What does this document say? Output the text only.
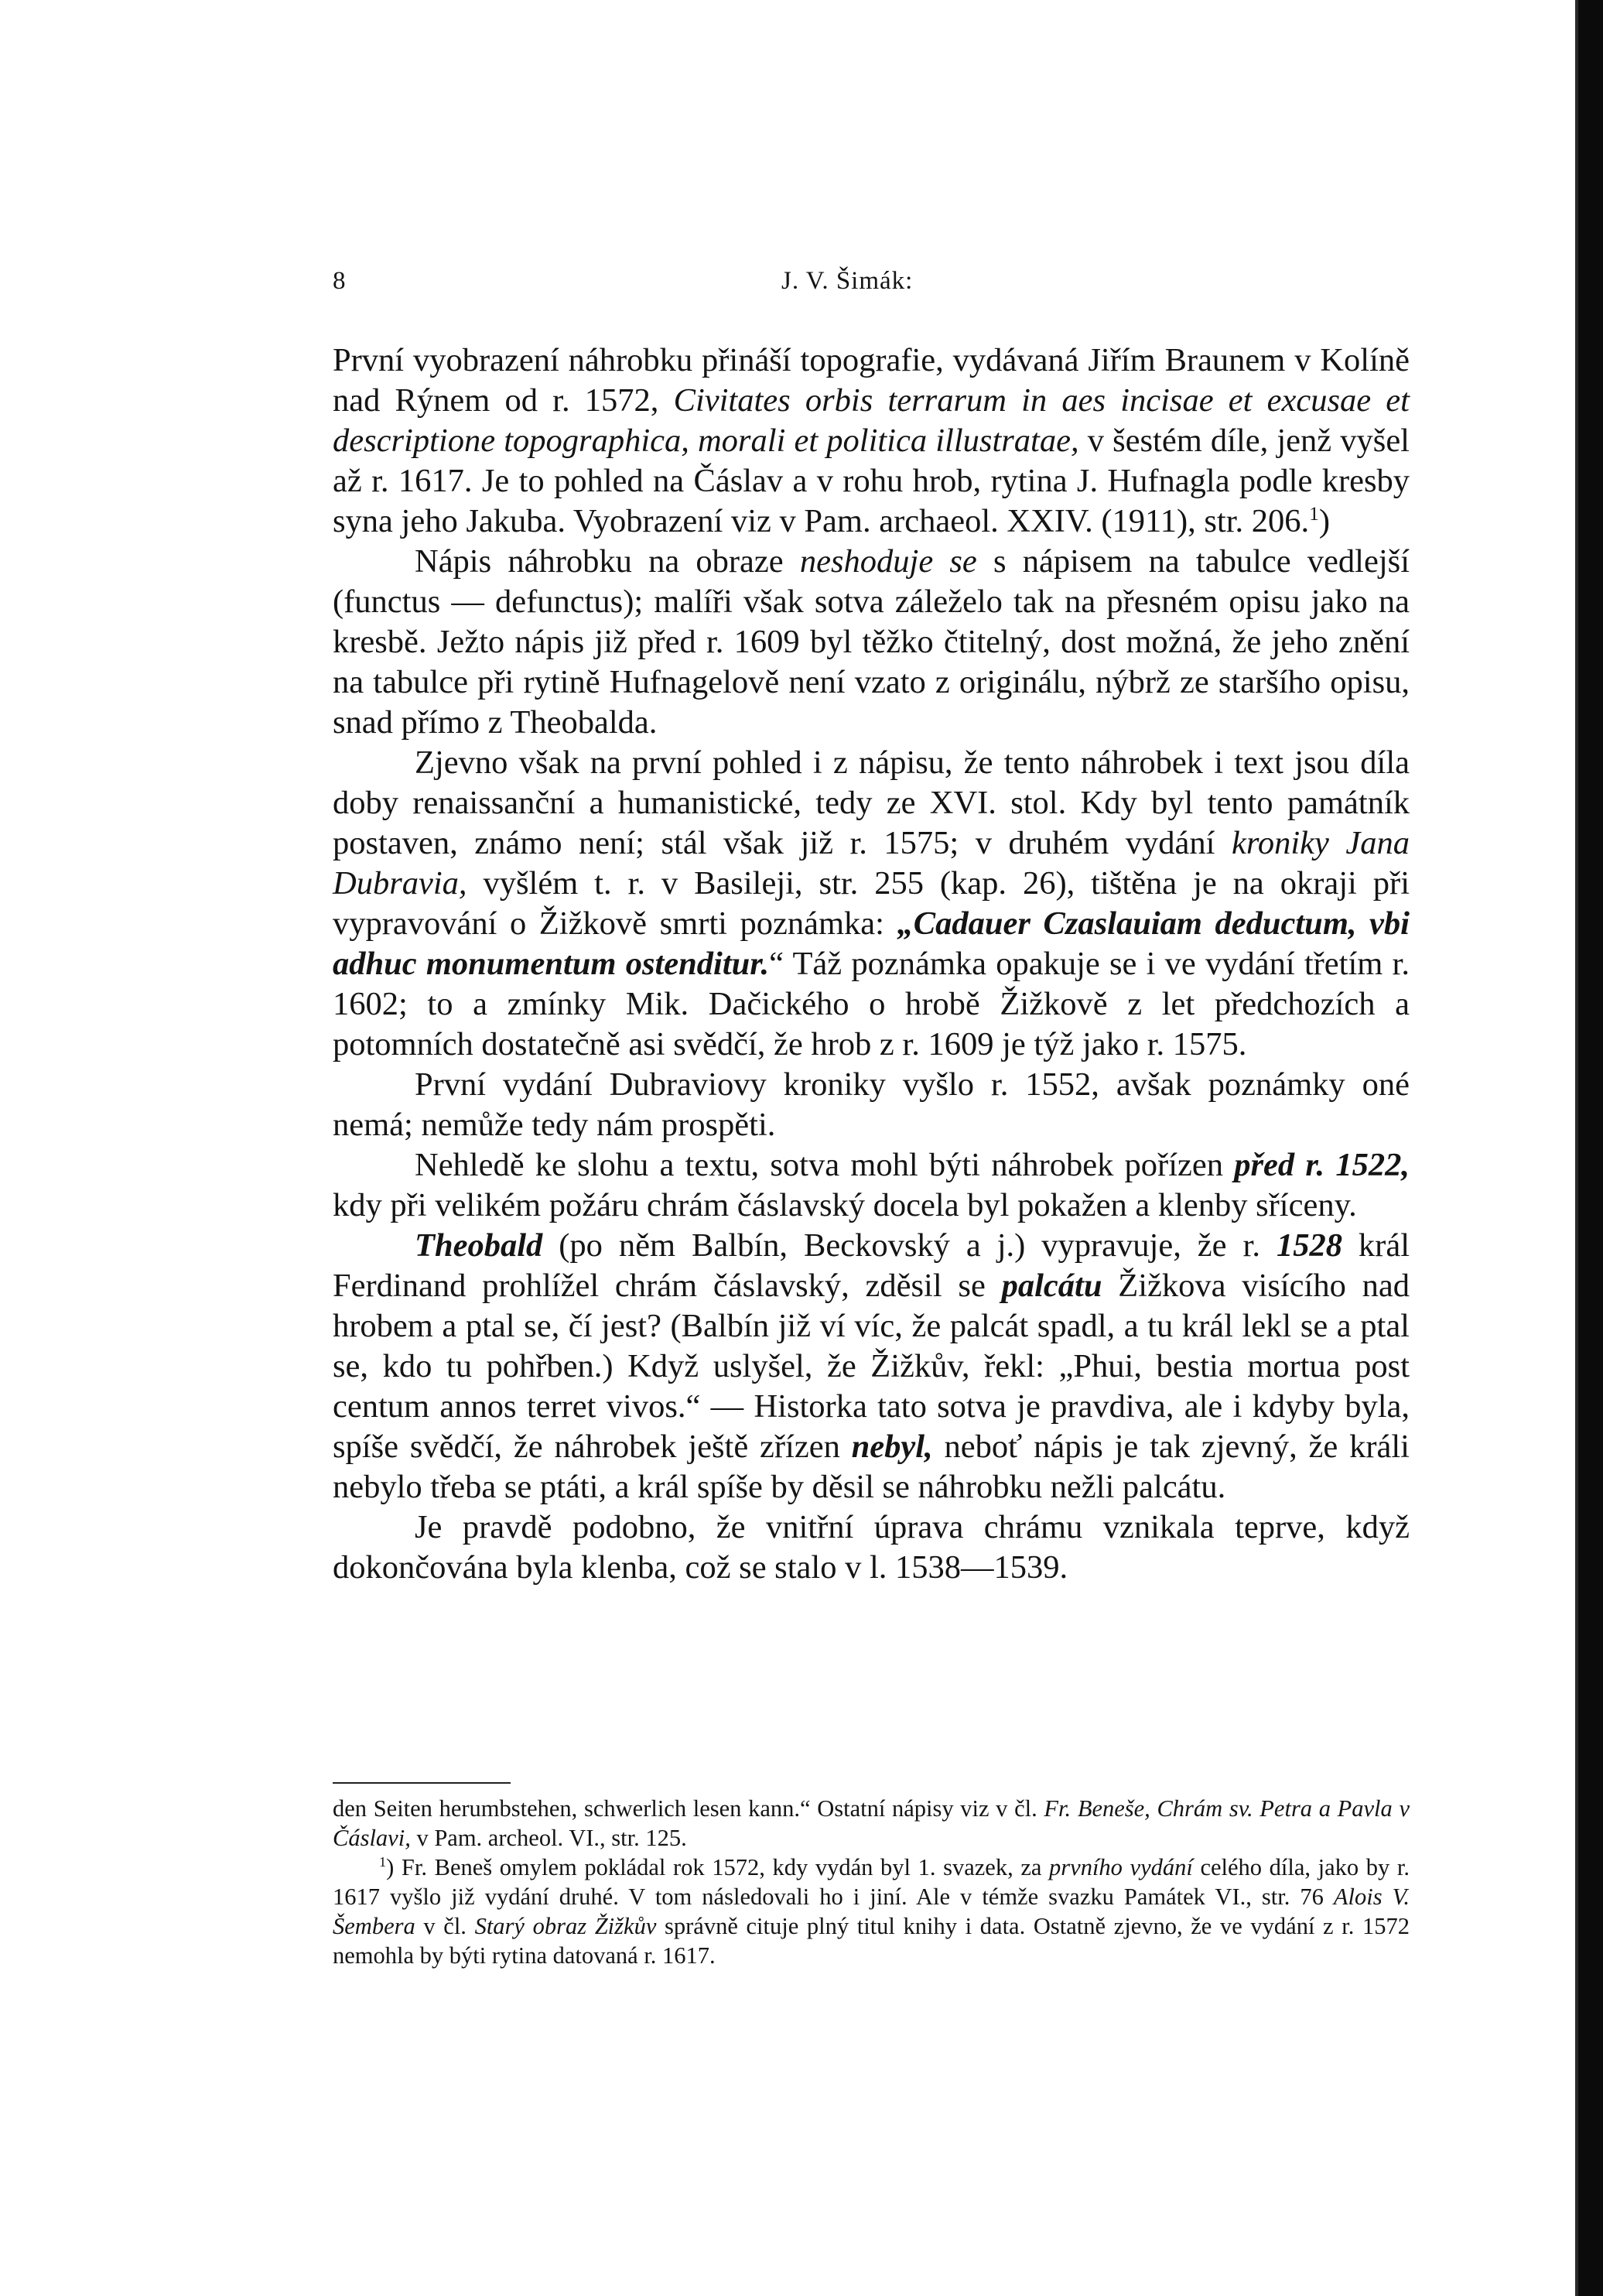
8	J. V. Šimák:

První vyobrazení náhrobku přináší topografie, vydávaná Jiřím Braunem v Kolíně nad Rýnem od r. 1572, Civitates orbis terrarum in aes incisae et excusae et descriptione topographica, morali et politica illustratae, v šestém díle, jenž vyšel až r. 1617. Je to pohled na Čáslav a v rohu hrob, rytina J. Hufnagla podle kresby syna jeho Jakuba. Vyobrazení viz v Pam. archaeol. XXIV. (1911), str. 206.$^1$)

Nápis náhrobku na obraze neshoduje se s nápisem na tabulce vedlejší (functus — defunctus); malíři však sotva záleželo tak na přesném opisu jako na kresbě. Ježto nápis již před r. 1609 byl těžko čtitelný, dost možná, že jeho znění na tabulce při rytině Hufnagelově není vzato z originálu, nýbrž ze staršího opisu, snad přímo z Theobalda.

Zjevno však na první pohled i z nápisu, že tento náhrobek i text jsou díla doby renaissanční a humanistické, tedy ze XVI. stol. Kdy byl tento památník postaven, známo není; stál však již r. 1575; v druhém vydání kroniky Jana Dubravia, vyšlém t. r. v Basileji, str. 255 (kap. 26), tištěna je na okraji při vypravování o Žižkově smrti poznámka: „Cadauer Czaslauiam deductum, vbi adhuc monumentum ostenditur.“ Táž poznámka opakuje se i ve vydání třetím r. 1602; to a zmínky Mik. Dačického o hrobě Žižkově z let předchozích a potomních dostatečně asi svědčí, že hrob z r. 1609 je týž jako r. 1575.

První vydání Dubraviovy kroniky vyšlo r. 1552, avšak poznámky oné nemá; nemůže tedy nám prospěti.

Nehledě ke slohu a textu, sotva mohl býti náhrobek pořízen před r. 1522, kdy při velikém požáru chrám čáslavský docela byl pokažen a klenby sříceny.

Theobald (po něm Balbín, Beckovský a j.) vypravuje, že r. 1528 král Ferdinand prohlížel chrám čáslavský, zděsil se palcátu Žižkova visícího nad hrobem a ptal se, čí jest? (Balbín již ví víc, že palcát spadl, a tu král lekl se a ptal se, kdo tu pohřben.) Když uslyšel, že Žižkův, řekl: „Phui, bestia mortua post centum annos terret vivos.“ — Historka tato sotva je pravdiva, ale i kdyby byla, spíše svědčí, že náhrobek ještě zřízen nebyl, neboť nápis je tak zjevný, že králi nebylo třeba se ptáti, a král spíše by děsil se náhrobku nežli palcátu.

Je pravdě podobno, že vnitřní úprava chrámu vznikala teprve, když dokončována byla klenba, což se stalo v l. 1538—1539.

den Seiten herumbstehen, schwerlich lesen kann.“ Ostatní nápisy viz v čl. Fr. Beneše, Chrám sv. Petra a Pavla v Čáslavi, v Pam. archeol. VI., str. 125.

$^1$) Fr. Beneš omylem pokládal rok 1572, kdy vydán byl 1. svazek, za prvního vydání celého díla, jako by r. 1617 vyšlo již vydání druhé. V tom následovali ho i jiní. Ale v témže svazku Památek VI., str. 76 Alois V. Šembera v čl. Starý obraz Žižkův správně cituje plný titul knihy i data. Ostatně zjevno, že ve vydání z r. 1572 nemohla by býti rytina datovaná r. 1617.
